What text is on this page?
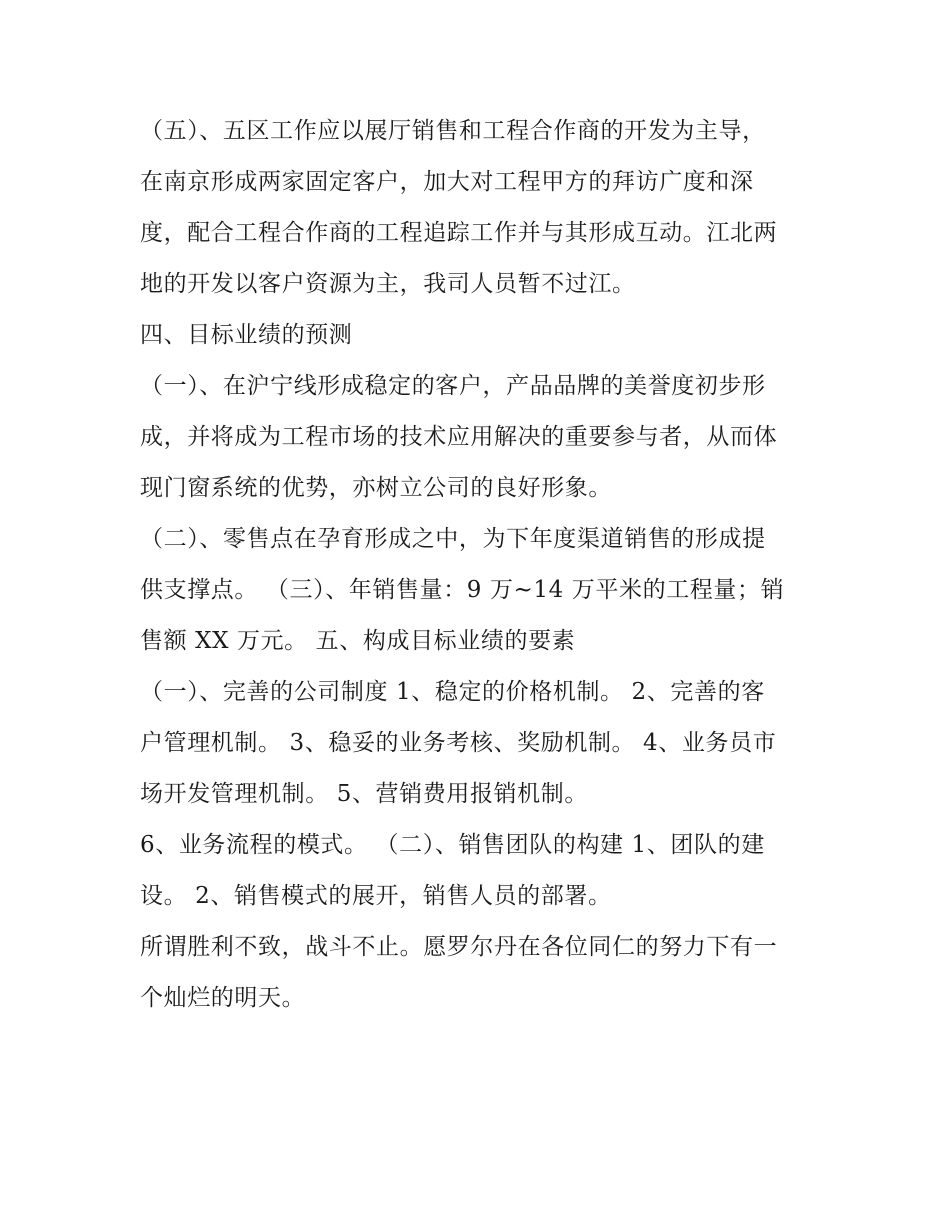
（五）、五区工作应以展厅销售和工程合作商的开发为主导，
在南京形成两家固定客户，加大对工程甲方的拜访广度和深
度，配合工程合作商的工程追踪工作并与其形成互动。江北两
地的开发以客户资源为主，我司人员暂不过江。
四、目标业绩的预测
（一）、在沪宁线形成稳定的客户，产品品牌的美誉度初步形
成，并将成为工程市场的技术应用解决的重要参与者，从而体
现门窗系统的优势，亦树立公司的良好形象。
（二）、零售点在孕育形成之中，为下年度渠道销售的形成提
供支撑点。 （三）、年销售量：9 万~14 万平米的工程量；销
售额 XX 万元。 五、构成目标业绩的要素
（一）、完善的公司制度 1、稳定的价格机制。 2、完善的客
户管理机制。 3、稳妥的业务考核、奖励机制。 4、业务员市
场开发管理机制。 5、营销费用报销机制。
6、业务流程的模式。 （二）、销售团队的构建 1、团队的建
设。 2、销售模式的展开，销售人员的部署。
所谓胜利不致，战斗不止。愿罗尔丹在各位同仁的努力下有一
个灿烂的明天。
